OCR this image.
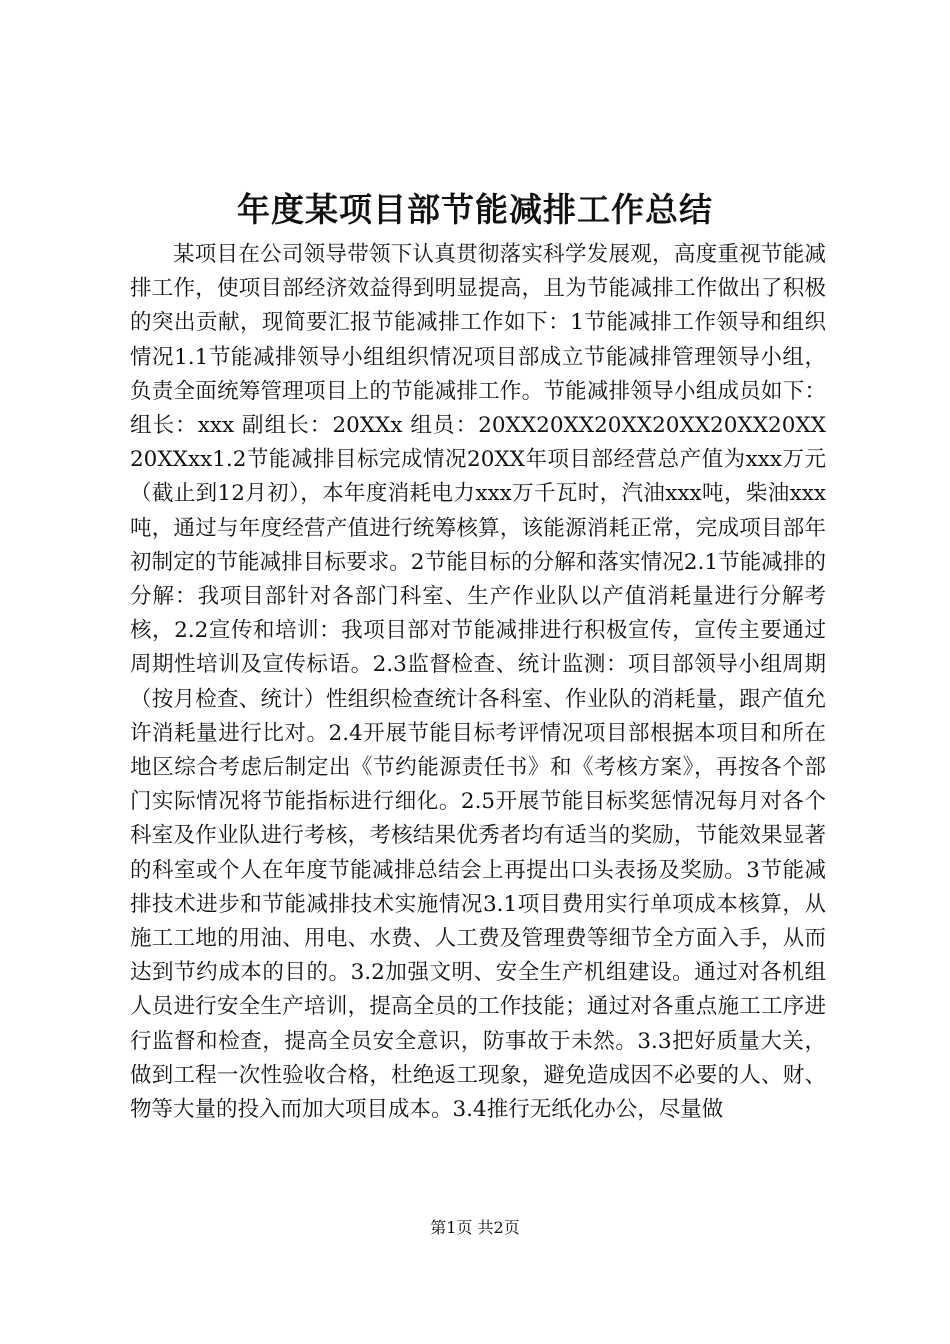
年度某项目部节能减排工作总结

某项目在公司领导带领下认真贯彻落实科学发展观，高度重视节能减排工作，使项目部经济效益得到明显提高，且为节能减排工作做出了积极的突出贡献，现简要汇报节能减排工作如下：1节能减排工作领导和组织情况1.1节能减排领导小组组织情况项目部成立节能减排管理领导小组，负责全面统筹管理项目上的节能减排工作。节能减排领导小组成员如下：组长：xxx 副组长：20XXx 组员：20XX20XX20XX20XX20XX20XX20XXxx1.2节能减排目标完成情况20XX年项目部经营总产值为xxx万元（截止到12月初），本年度消耗电力xxx万千瓦时，汽油xxx吨，柴油xxx吨，通过与年度经营产值进行统筹核算，该能源消耗正常，完成项目部年初制定的节能减排目标要求。2节能目标的分解和落实情况2.1节能减排的分解：我项目部针对各部门科室、生产作业队以产值消耗量进行分解考核，2.2宣传和培训：我项目部对节能减排进行积极宣传，宣传主要通过周期性培训及宣传标语。2.3监督检查、统计监测：项目部领导小组周期（按月检查、统计）性组织检查统计各科室、作业队的消耗量，跟产值允许消耗量进行比对。2.4开展节能目标考评情况项目部根据本项目和所在地区综合考虑后制定出《节约能源责任书》和《考核方案》，再按各个部门实际情况将节能指标进行细化。2.5开展节能目标奖惩情况每月对各个科室及作业队进行考核，考核结果优秀者均有适当的奖励，节能效果显著的科室或个人在年度节能减排总结会上再提出口头表扬及奖励。3节能减排技术进步和节能减排技术实施情况3.1项目费用实行单项成本核算，从施工工地的用油、用电、水费、人工费及管理费等细节全方面入手，从而达到节约成本的目的。3.2加强文明、安全生产机组建设。通过对各机组人员进行安全生产培训，提高全员的工作技能；通过对各重点施工工序进行监督和检查，提高全员安全意识，防事故于未然。3.3把好质量大关，做到工程一次性验收合格，杜绝返工现象，避免造成因不必要的人、财、物等大量的投入而加大项目成本。3.4推行无纸化办公，尽量做

第1页 共2页
